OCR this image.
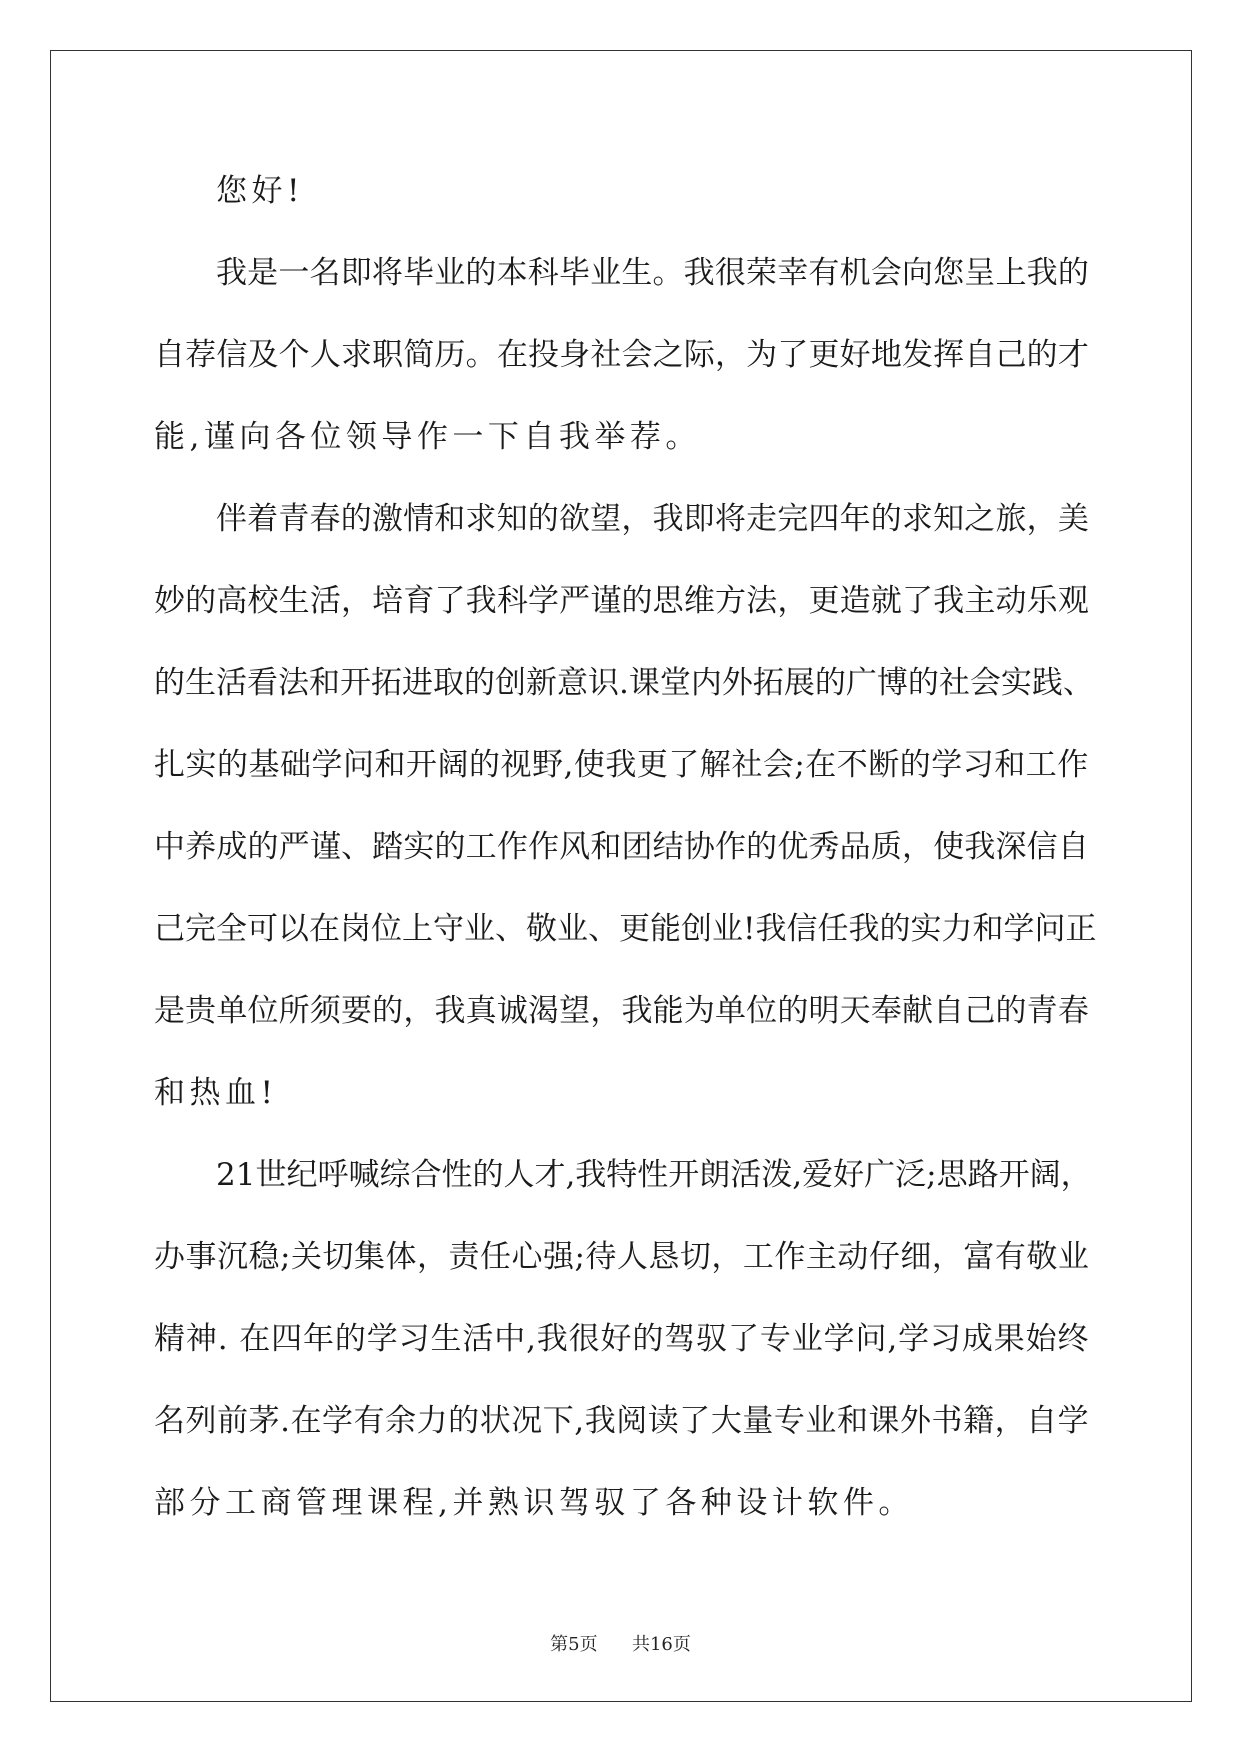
您好!
我是一名即将毕业的本科毕业生。我很荣幸有机会向您呈上我的
自荐信及个人求职简历。在投身社会之际，为了更好地发挥自己的才
能,谨向各位领导作一下自我举荐。
伴着青春的激情和求知的欲望，我即将走完四年的求知之旅，美
妙的高校生活，培育了我科学严谨的思维方法，更造就了我主动乐观
的生活看法和开拓进取的创新意识.课堂内外拓展的广博的社会实践、
扎实的基础学问和开阔的视野,使我更了解社会;在不断的学习和工作
中养成的严谨、踏实的工作作风和团结协作的优秀品质，使我深信自
己完全可以在岗位上守业、敬业、更能创业!我信任我的实力和学问正
是贵单位所须要的，我真诚渴望，我能为单位的明天奉献自己的青春
和热血!
21世纪呼喊综合性的人才,我特性开朗活泼,爱好广泛;思路开阔，
办事沉稳;关切集体，责任心强;待人恳切，工作主动仔细，富有敬业
精神. 在四年的学习生活中,我很好的驾驭了专业学问,学习成果始终
名列前茅.在学有余力的状况下,我阅读了大量专业和课外书籍，自学
部分工商管理课程,并熟识驾驭了各种设计软件。
第5页 共16页
